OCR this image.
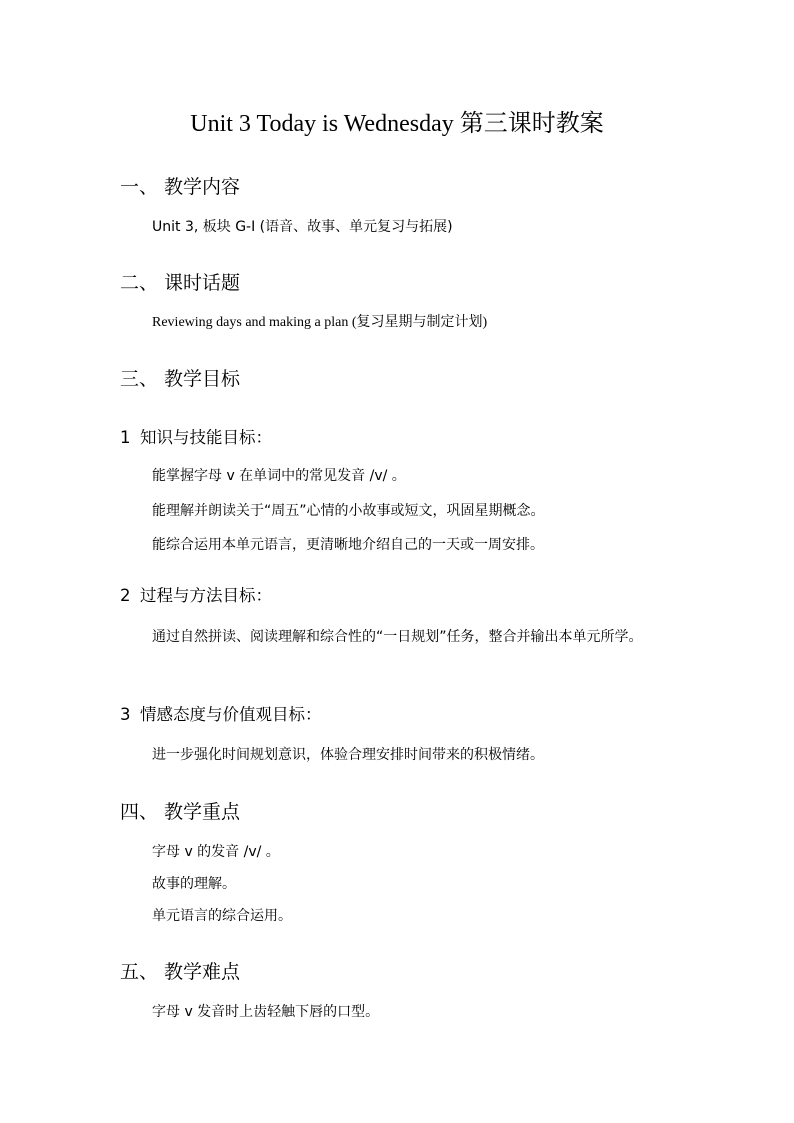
Unit 3 Today is Wednesday 第三课时教案
一、 教学内容
Unit 3, 板块 G-I (语音、故事、单元复习与拓展)
二、 课时话题
Reviewing days and making a plan (复习星期与制定计划)
三、 教学目标
1 知识与技能目标：
能掌握字母 v 在单词中的常见发音 /v/ 。
能理解并朗读关于“周五”心情的小故事或短文，巩固星期概念。
能综合运用本单元语言，更清晰地介绍自己的一天或一周安排。
2 过程与方法目标：
通过自然拼读、阅读理解和综合性的“一日规划”任务，整合并输出本单元所学。
3 情感态度与价值观目标：
进一步强化时间规划意识，体验合理安排时间带来的积极情绪。
四、 教学重点
字母 v 的发音 /v/ 。
故事的理解。
单元语言的综合运用。
五、 教学难点
字母 v 发音时上齿轻触下唇的口型。
